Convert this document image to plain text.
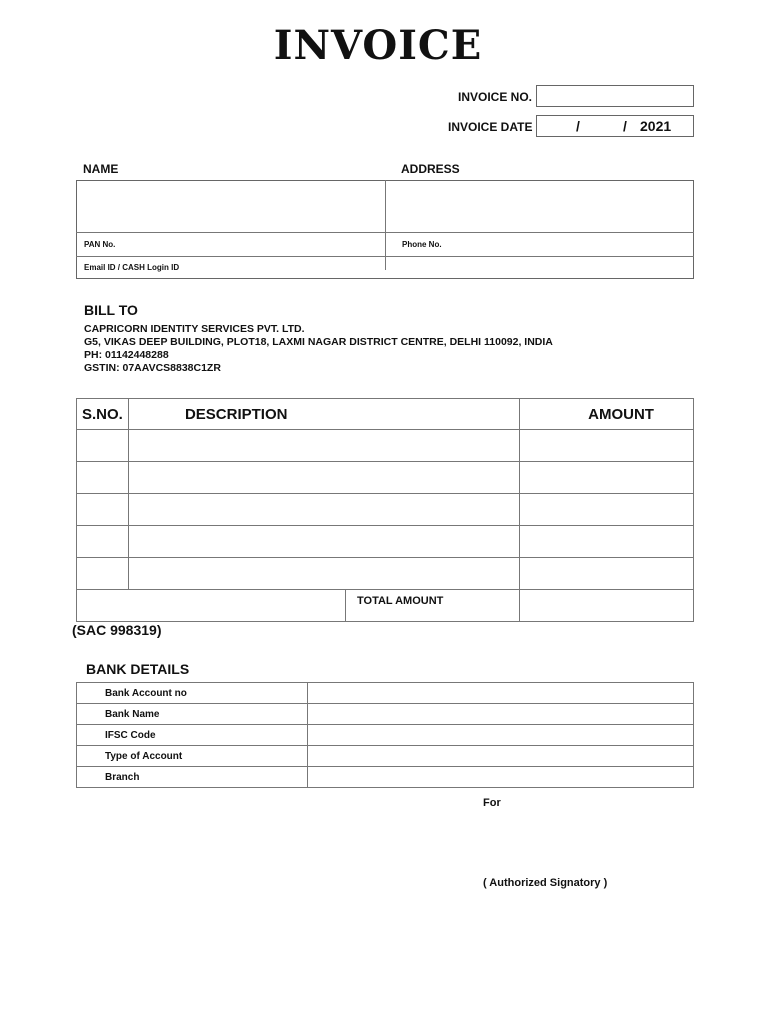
INVOICE
INVOICE NO.
INVOICE DATE	/	/ 2021
NAME	ADDRESS
PAN No.	Phone No.
Email ID / CASH Login ID
BILL TO
CAPRICORN IDENTITY SERVICES PVT. LTD.
G5, VIKAS DEEP BUILDING, PLOT18, LAXMI NAGAR DISTRICT CENTRE, DELHI 110092, INDIA
PH: 01142448288
GSTIN: 07AAVCS8838C1ZR
S.NO.	DESCRIPTION	AMOUNT

TOTAL AMOUNT		

(SAC 998319)
BANK DETAILS
Bank Account no	
Bank Name	
IFSC Code	
Type of Account	
Branch	
For
( Authorized Signatory )
